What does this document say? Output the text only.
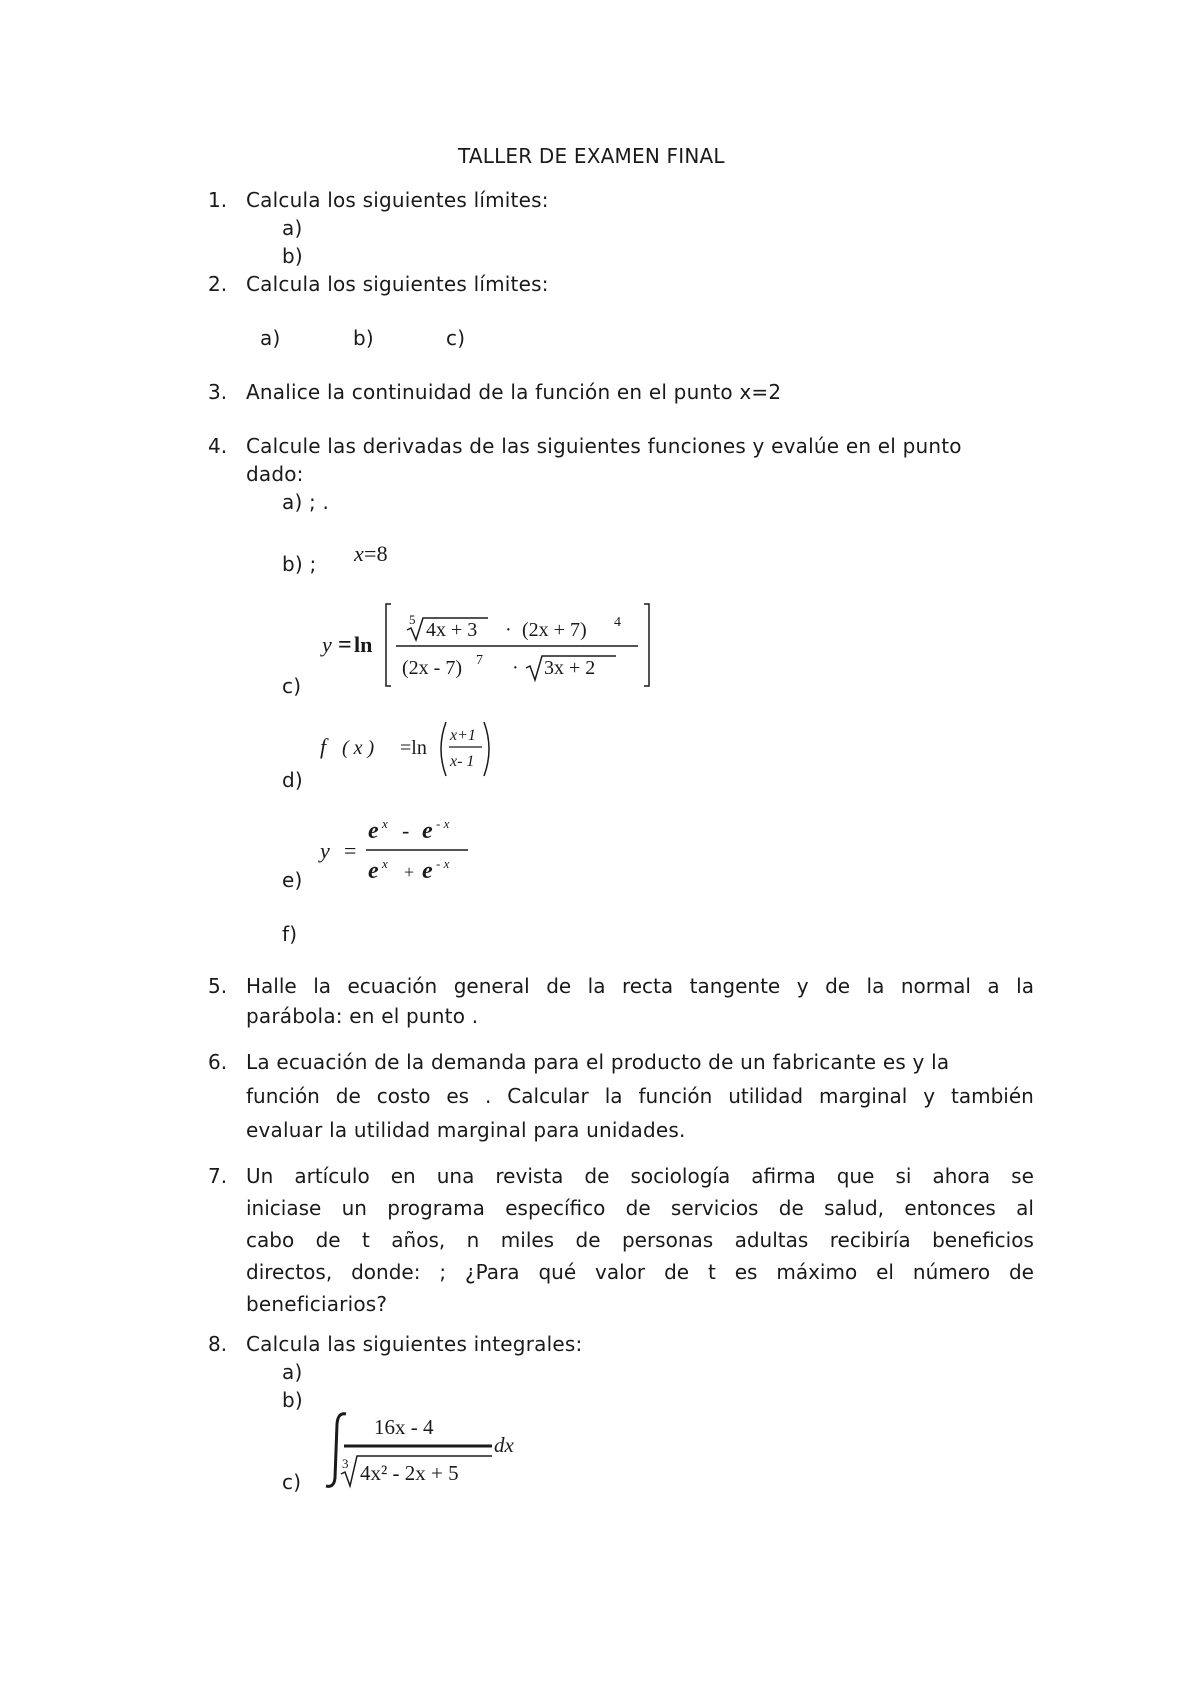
TALLER DE EXAMEN FINAL
1. Calcula los siguientes límites:
a)
b)
2. Calcula los siguientes límites:
a)	b)	c)
3. Analice la continuidad de la función en el punto x=2
4. Calcule las derivadas de las siguientes funciones y evalúe en el punto
dado:
a) ; .
b) ; x=8
c)
y = ln
5 4x + 3 · (2x + 7) 4
(2x - 7) 7 · 3x + 2
d)
f ( x ) =ln
x+1
x- 1
e)
y =
e x - e - x
e x + e - x
f)
5. Halle la ecuación general de la recta tangente y de la normal a la
parábola: en el punto .
6. La ecuación de la demanda para el producto de un fabricante es y la
función de costo es . Calcular la función utilidad marginal y también
evaluar la utilidad marginal para unidades.
7. Un artículo en una revista de sociología afirma que si ahora se
iniciase un programa específico de servicios de salud, entonces al
cabo de t años, n miles de personas adultas recibiría beneficios
directos, donde: ; ¿Para qué valor de t es máximo el número de
beneficiarios?
8. Calcula las siguientes integrales:
a)
b)
c)
16x - 4
3 4x² - 2x + 5
dx
